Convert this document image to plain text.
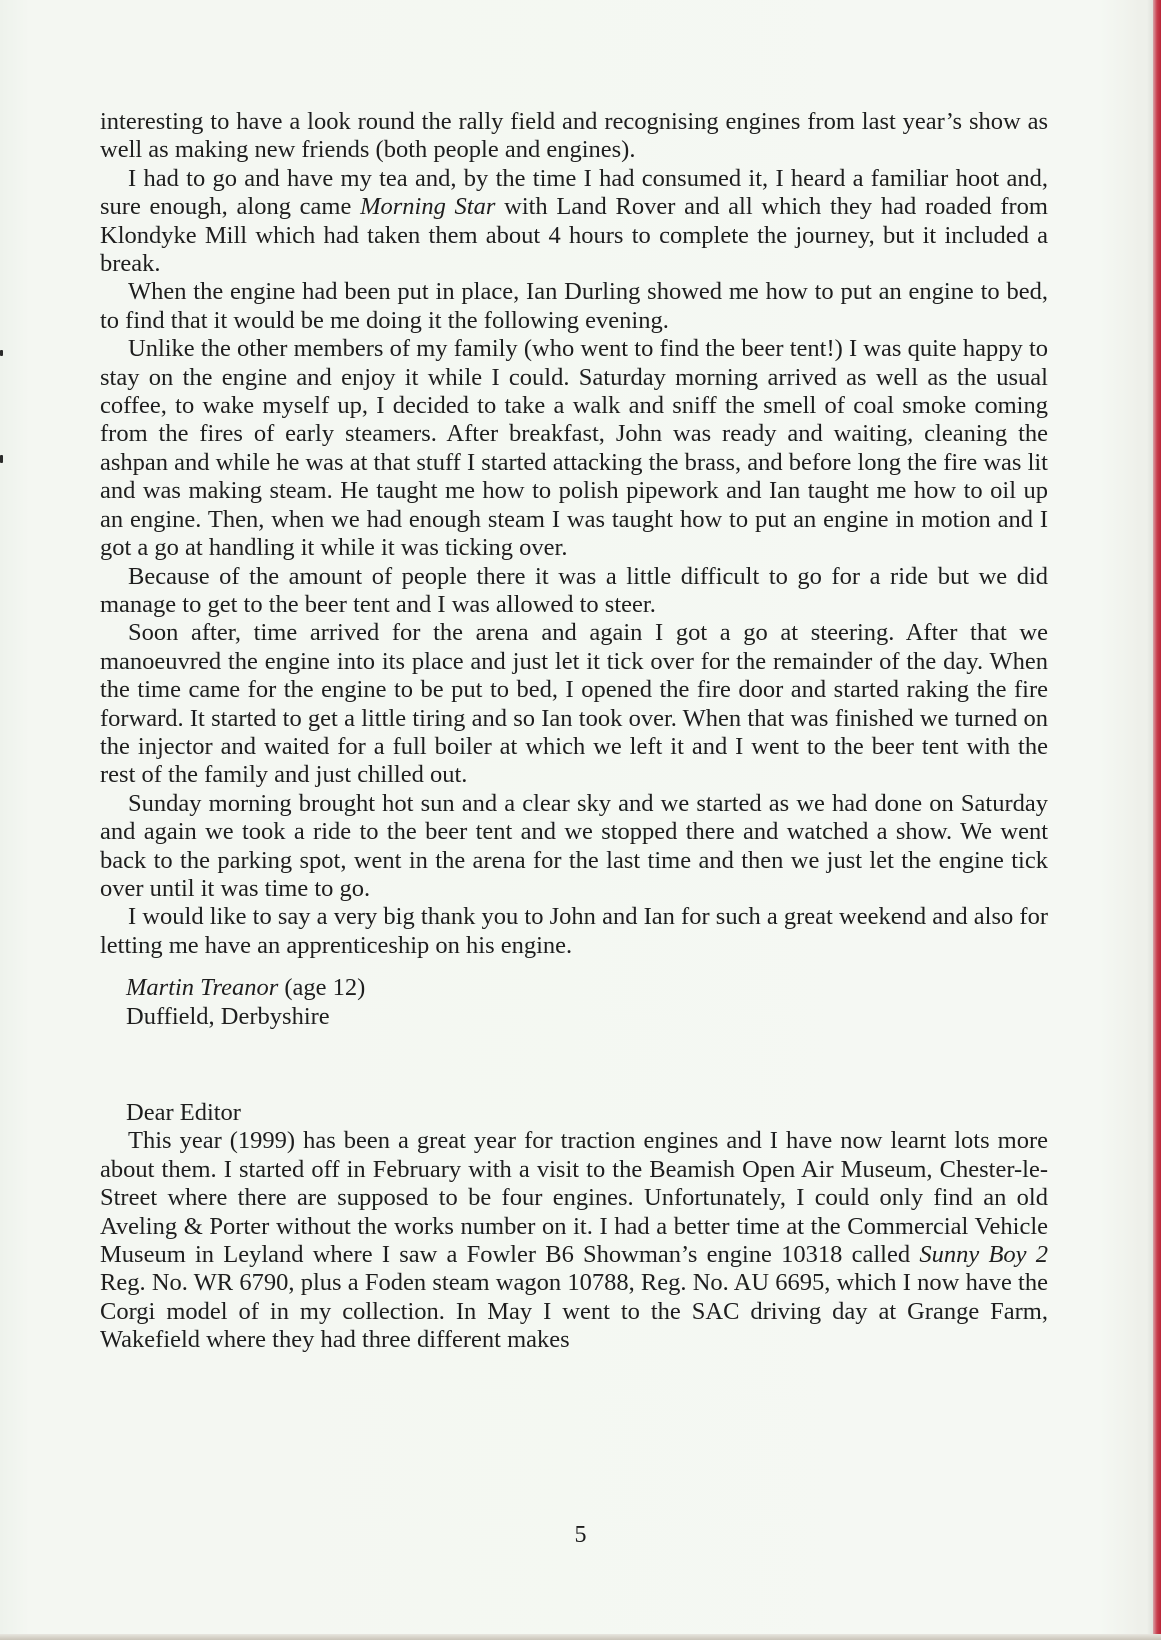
interesting to have a look round the rally field and recognising engines from last year’s show as well as making new friends (both people and engines).

I had to go and have my tea and, by the time I had consumed it, I heard a familiar hoot and, sure enough, along came Morning Star with Land Rover and all which they had roaded from Klondyke Mill which had taken them about 4 hours to complete the journey, but it included a break.

When the engine had been put in place, Ian Durling showed me how to put an engine to bed, to find that it would be me doing it the following evening.

Unlike the other members of my family (who went to find the beer tent!) I was quite happy to stay on the engine and enjoy it while I could. Saturday morning arrived as well as the usual coffee, to wake myself up, I decided to take a walk and sniff the smell of coal smoke coming from the fires of early steamers. After breakfast, John was ready and waiting, cleaning the ashpan and while he was at that stuff I started attacking the brass, and before long the fire was lit and was making steam. He taught me how to polish pipework and Ian taught me how to oil up an engine. Then, when we had enough steam I was taught how to put an engine in motion and I got a go at handling it while it was ticking over.

Because of the amount of people there it was a little difficult to go for a ride but we did manage to get to the beer tent and I was allowed to steer.

Soon after, time arrived for the arena and again I got a go at steering. After that we manoeuvred the engine into its place and just let it tick over for the remainder of the day. When the time came for the engine to be put to bed, I opened the fire door and started raking the fire forward. It started to get a little tiring and so Ian took over. When that was finished we turned on the injector and waited for a full boiler at which we left it and I went to the beer tent with the rest of the family and just chilled out.

Sunday morning brought hot sun and a clear sky and we started as we had done on Saturday and again we took a ride to the beer tent and we stopped there and watched a show. We went back to the parking spot, went in the arena for the last time and then we just let the engine tick over until it was time to go.

I would like to say a very big thank you to John and Ian for such a great weekend and also for letting me have an apprenticeship on his engine.

Martin Treanor (age 12)
Duffield, Derbyshire
Dear Editor

This year (1999) has been a great year for traction engines and I have now learnt lots more about them. I started off in February with a visit to the Beamish Open Air Museum, Chester-le-Street where there are supposed to be four engines. Unfortunately, I could only find an old Aveling & Porter without the works number on it. I had a better time at the Commercial Vehicle Museum in Leyland where I saw a Fowler B6 Showman’s engine 10318 called Sunny Boy 2 Reg. No. WR 6790, plus a Foden steam wagon 10788, Reg. No. AU 6695, which I now have the Corgi model of in my collection. In May I went to the SAC driving day at Grange Farm, Wakefield where they had three different makes

5
